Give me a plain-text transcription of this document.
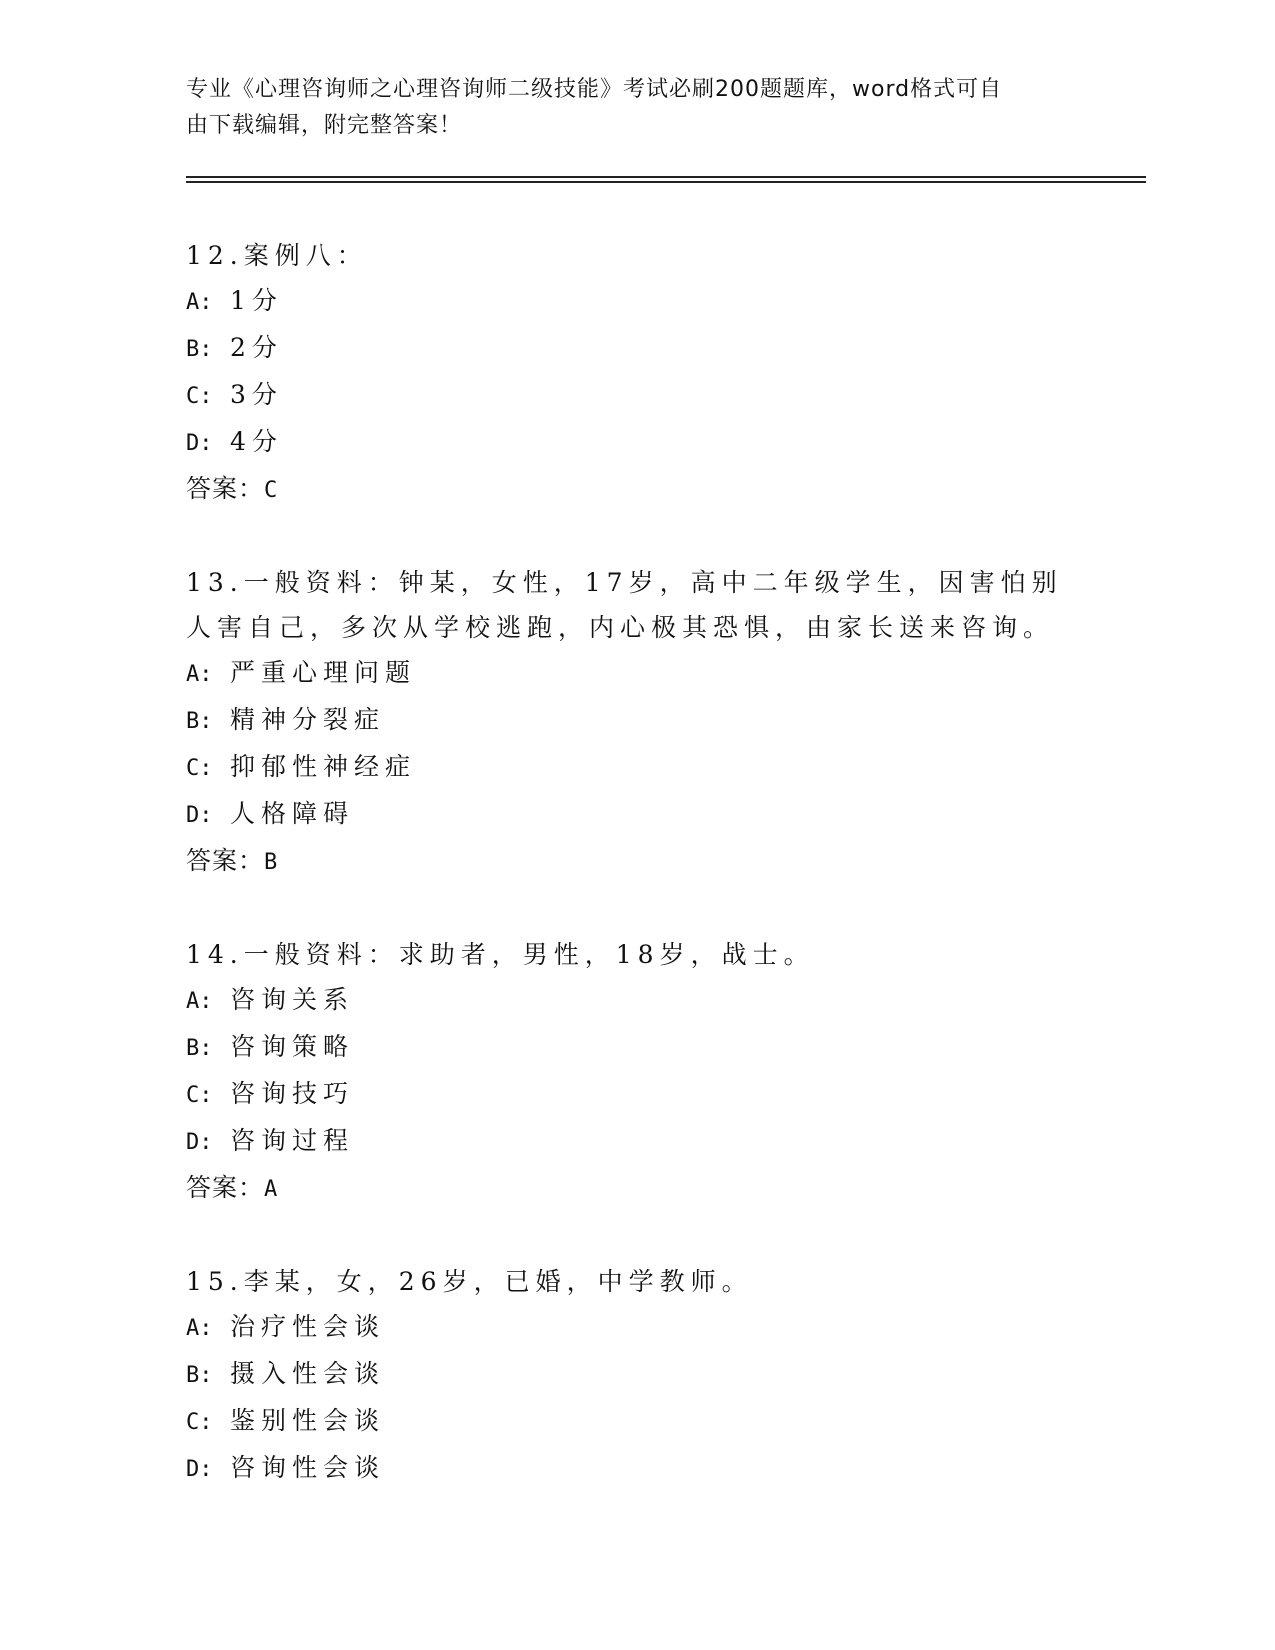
专业《心理咨询师之心理咨询师二级技能》考试必刷200题题库，word格式可自
由下载编辑，附完整答案！
12.案例八：
A: 1分
B: 2分
C: 3分
D: 4分
答案：C
13.一般资料：钟某，女性，17岁，高中二年级学生，因害怕别人害自己，多次从学校逃跑，内心极其恐惧，由家长送来咨询。
A: 严重心理问题
B: 精神分裂症
C: 抑郁性神经症
D: 人格障碍
答案：B
14.一般资料：求助者，男性，18岁，战士。
A: 咨询关系
B: 咨询策略
C: 咨询技巧
D: 咨询过程
答案：A
15.李某，女，26岁，已婚，中学教师。
A: 治疗性会谈
B: 摄入性会谈
C: 鉴别性会谈
D: 咨询性会谈
